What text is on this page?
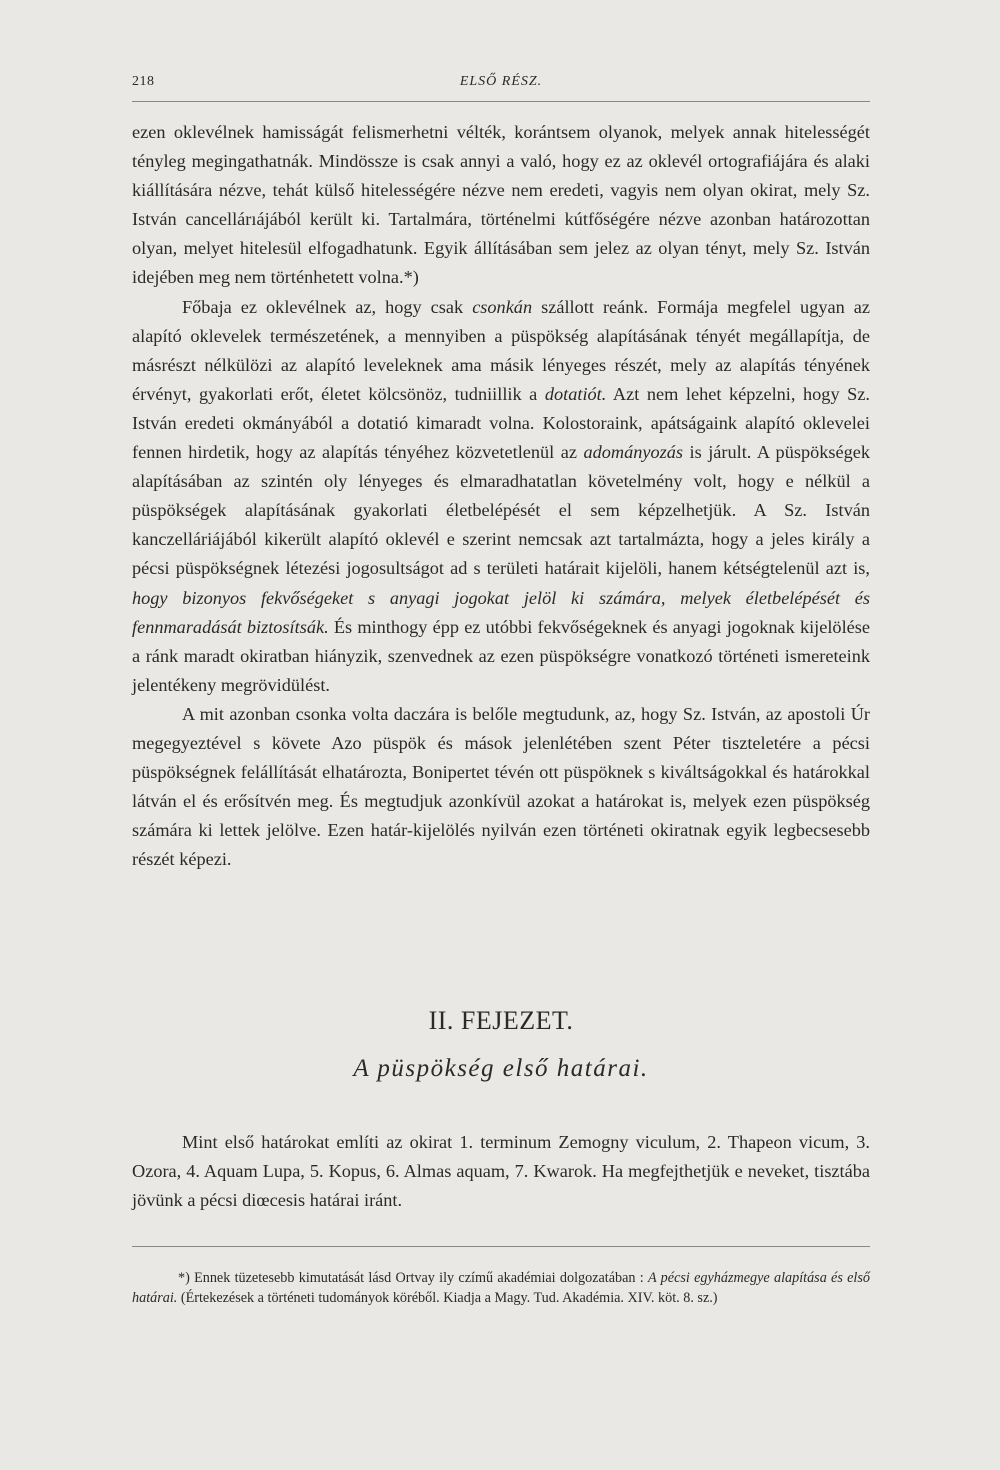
218	ELSŐ RÉSZ.

ezen oklevélnek hamisságát felismerhetni vélték, korántsem olyanok, melyek annak hitelességét tényleg megingathatnák. Mindössze is csak annyi a való, hogy ez az oklevél ortografiájára és alaki kiállítására nézve, tehát külső hitelességére nézve nem eredeti, vagyis nem olyan okirat, mely Sz. István cancellárıájából került ki. Tartalmára, történelmi kútfőségére nézve azonban határozottan olyan, melyet hitelesül elfogadhatunk. Egyik állításában sem jelez az olyan tényt, mely Sz. István idejében meg nem történhetett volna.*)

Főbaja ez oklevélnek az, hogy csak csonkán szállott reánk. Formája megfelel ugyan az alapító oklevelek természetének, a mennyiben a püspökség alapításának tényét megállapítja, de másrészt nélkülözi az alapító leveleknek ama másik lényeges részét, mely az alapítás tényének érvényt, gyakorlati erőt, életet kölcsönöz, tudniillik a dotatiót. Azt nem lehet képzelni, hogy Sz. István eredeti okmányából a dotatió kimaradt volna. Kolostoraink, apátságaink alapító oklevelei fennen hirdetik, hogy az alapítás tényéhez közvetetlenül az adományozás is járult. A püspökségek alapításában az szintén oly lényeges és elmaradhatatlan követelmény volt, hogy e nélkül a püspökségek alapításának gyakorlati életbelépését el sem képzelhetjük. A Sz. István kanczelláriájából kikerült alapító oklevél e szerint nemcsak azt tartalmázta, hogy a jeles király a pécsi püspökségnek létezési jogosultságot ad s területi határait kijelöli, hanem kétségtelenül azt is, hogy bizonyos fekvőségeket s anyagi jogokat jelöl ki számára, melyek életbelépését és fennmaradását biztosítsák. És minthogy épp ez utóbbi fekvőségeknek és anyagi jogoknak kijelölése a ránk maradt okiratban hiányzik, szenvednek az ezen püspökségre vonatkozó történeti ismereteink jelentékeny megrövidülést.

A mit azonban csonka volta daczára is belőle megtudunk, az, hogy Sz. István, az apostoli Úr megegyeztével s követe Azo püspök és mások jelenlétében szent Péter tiszteletére a pécsi püspökségnek felállítását elhatározta, Bonipertet tévén ott püspöknek s kiváltságokkal és határokkal látván el és erősítvén meg. És megtudjuk azonkívül azokat a határokat is, melyek ezen püspökség számára ki lettek jelölve. Ezen határ-kijelölés nyilván ezen történeti okiratnak egyik legbecsesebb részét képezi.

II. FEJEZET.
A püspökség első határai.

Mint első határokat említi az okirat 1. terminum Zemogny viculum, 2. Thapeon vicum, 3. Ozora, 4. Aquam Lupa, 5. Kopus, 6. Almas aquam, 7. Kwarok. Ha megfejthetjük e neveket, tisztába jövünk a pécsi diœcesis határai iránt.

*) Ennek tüzetesebb kimutatását lásd Ortvay ily czímű akadémiai dolgozatában : A pécsi egyházmegye alapítása és első határai. (Értekezések a történeti tudományok köréből. Kiadja a Magy. Tud. Akadémia. XIV. köt. 8. sz.)
